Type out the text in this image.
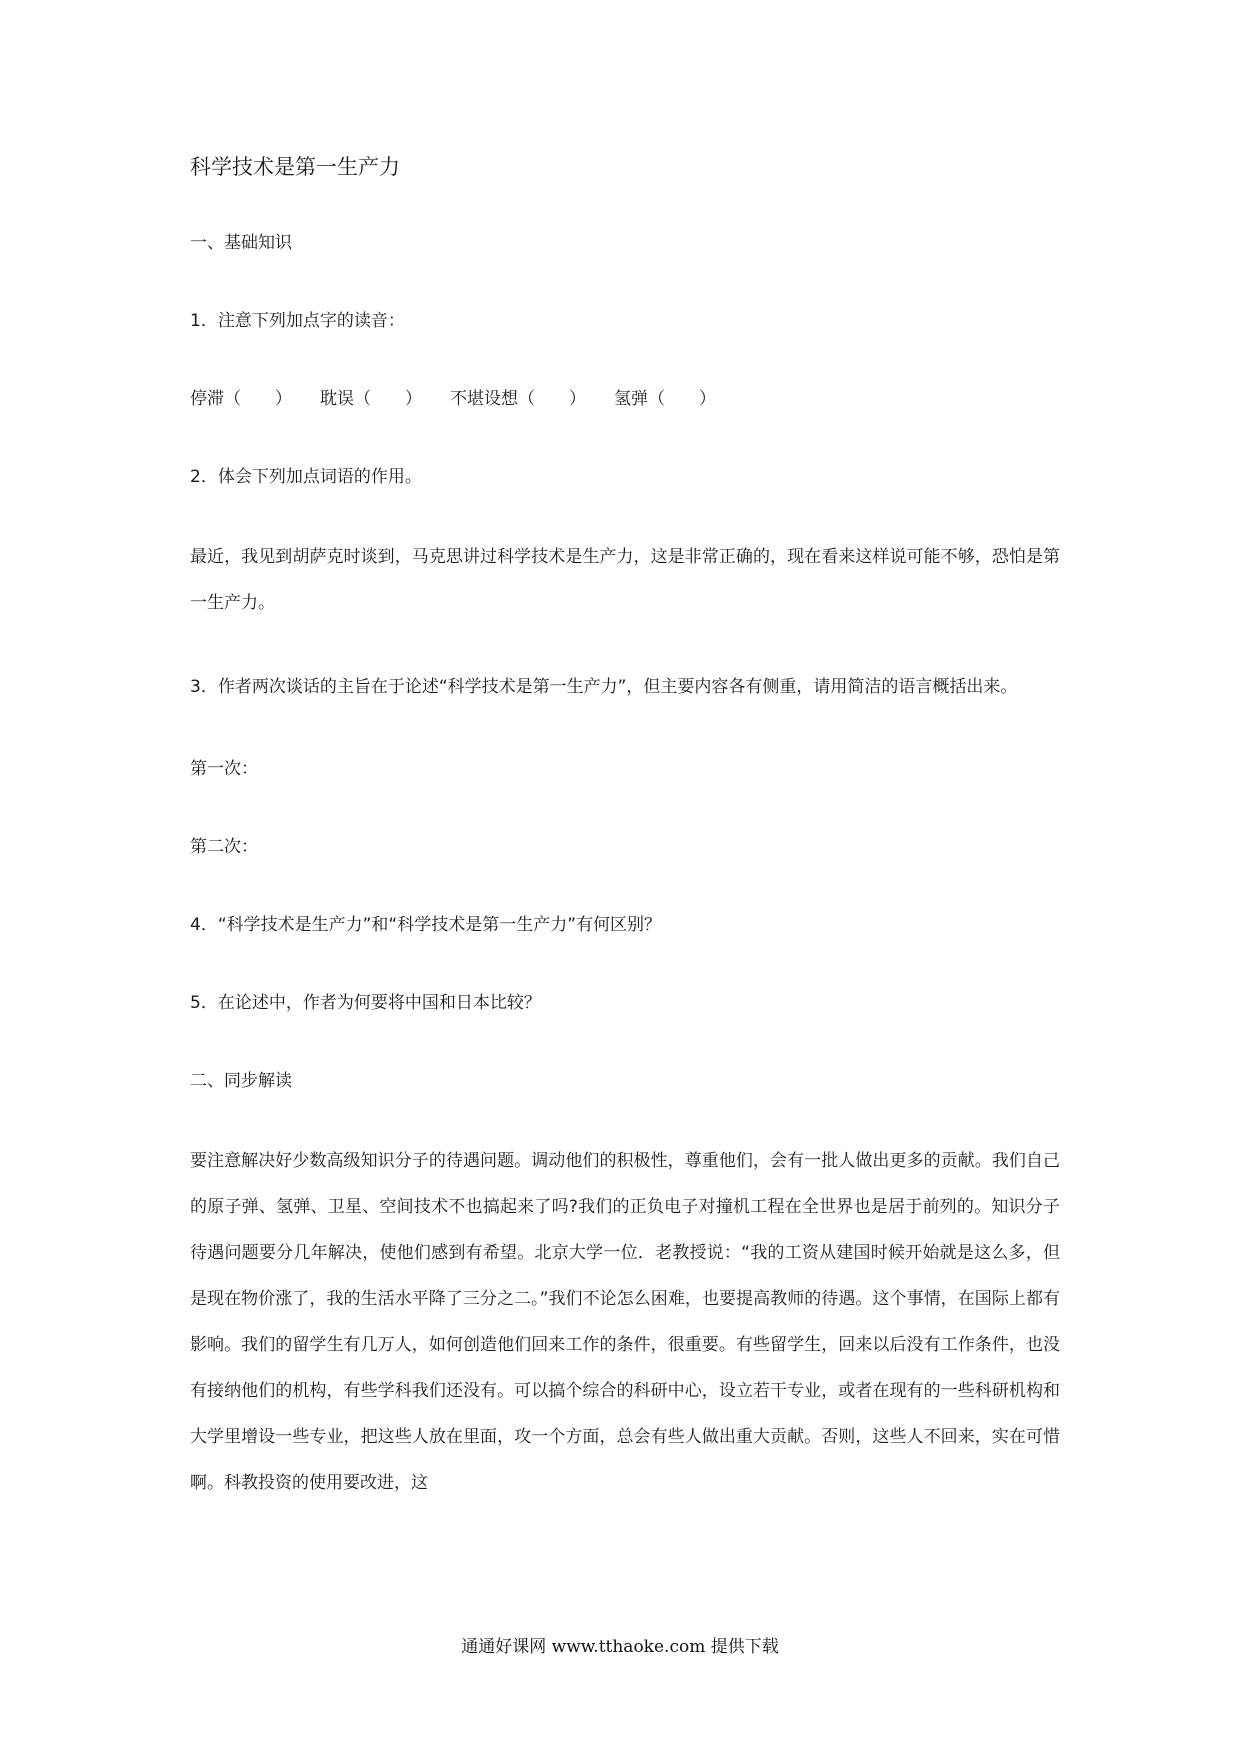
科学技术是第一生产力
一、基础知识
1．注意下列加点字的读音：
停滞（　　） 耽误（　　） 不堪设想（　　） 氢弹（　　）
2．体会下列加点词语的作用。
最近，我见到胡萨克时谈到，马克思讲过科学技术是生产力，这是非常正确的，现在看来这样说可能不够，恐怕是第一生产力。
3．作者两次谈话的主旨在于论述“科学技术是第一生产力”，但主要内容各有侧重，请用简洁的语言概括出来。
第一次：
第二次：
4．“科学技术是生产力”和“科学技术是第一生产力”有何区别？
5．在论述中，作者为何要将中国和日本比较？
二、同步解读
要注意解决好少数高级知识分子的待遇问题。调动他们的积极性，尊重他们，会有一批人做出更多的贡献。我们自己的原子弹、氢弹、卫星、空间技术不也搞起来了吗?我们的正负电子对撞机工程在全世界也是居于前列的。知识分子待遇问题要分几年解决，使他们感到有希望。北京大学一位．老教授说：“我的工资从建国时候开始就是这么多，但是现在物价涨了，我的生活水平降了三分之二。”我们不论怎么困难，也要提高教师的待遇。这个事情，在国际上都有影响。我们的留学生有几万人，如何创造他们回来工作的条件，很重要。有些留学生，回来以后没有工作条件，也没有接纳他们的机构，有些学科我们还没有。可以搞个综合的科研中心，设立若干专业，或者在现有的一些科研机构和大学里增设一些专业，把这些人放在里面，攻一个方面，总会有些人做出重大贡献。否则，这些人不回来，实在可惜啊。科教投资的使用要改进，这
通通好课网 www.tthaoke.com 提供下载
